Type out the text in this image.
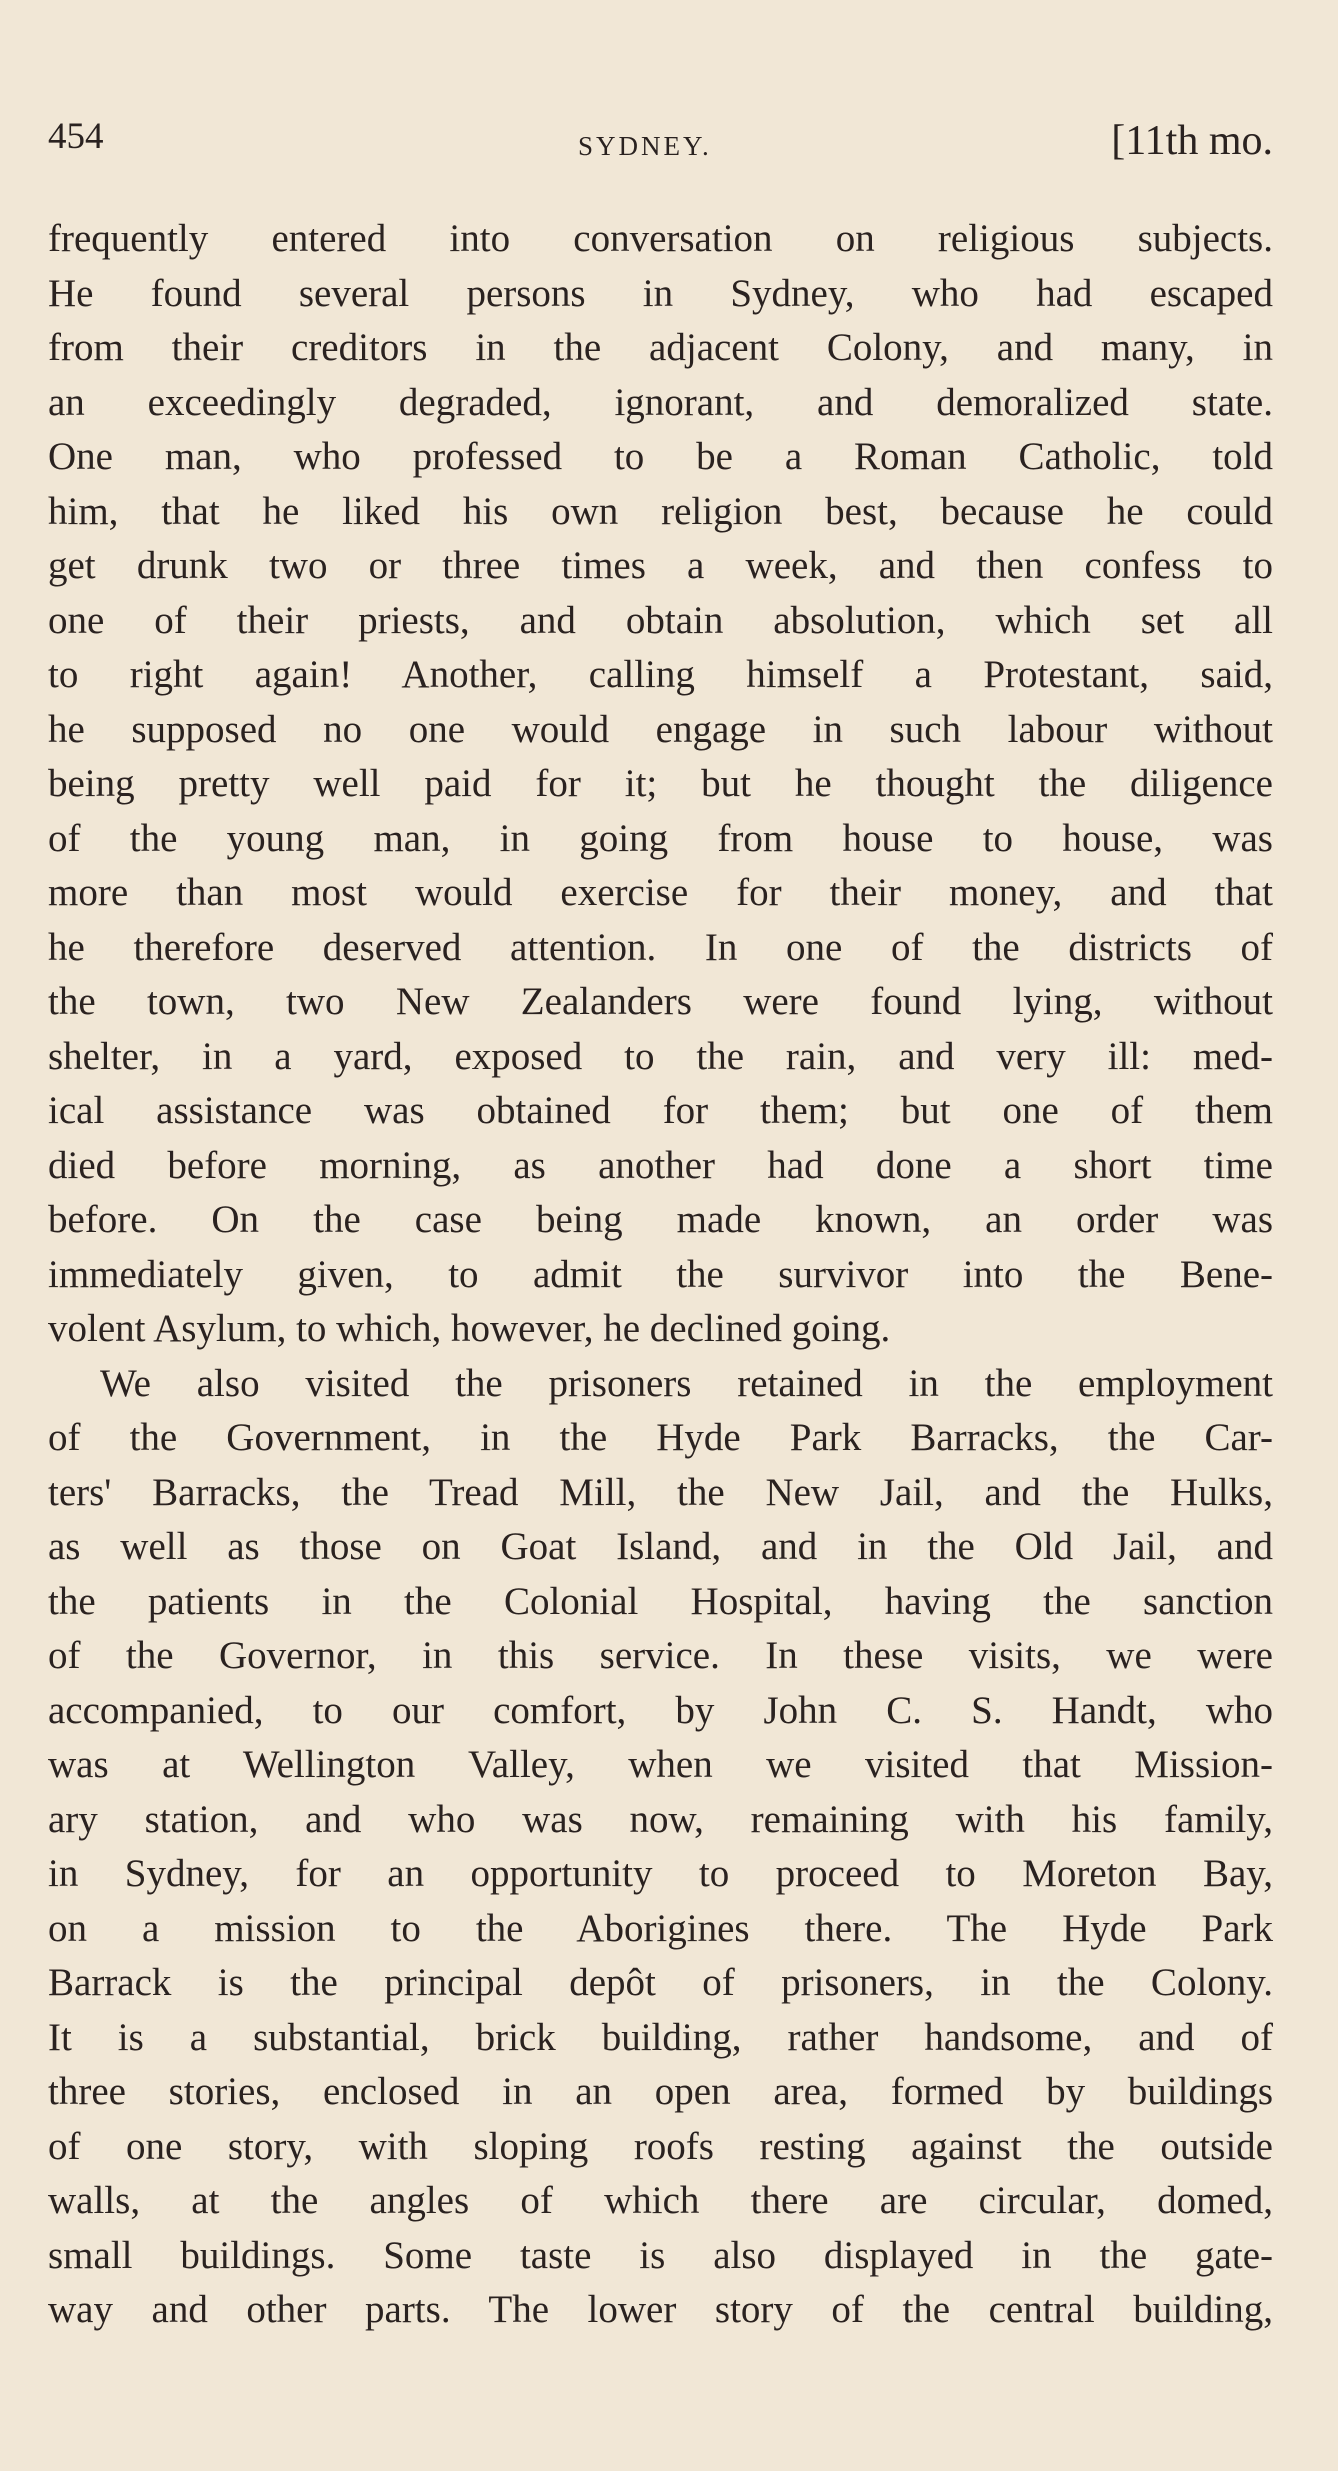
454	SYDNEY.	[11th mo.
frequently entered into conversation on religious subjects.
He found several persons in Sydney, who had escaped
from their creditors in the adjacent Colony, and many, in
an exceedingly degraded, ignorant, and demoralized state.
One man, who professed to be a Roman Catholic, told
him, that he liked his own religion best, because he could
get drunk two or three times a week, and then confess to
one of their priests, and obtain absolution, which set all
to right again! Another, calling himself a Protestant, said,
he supposed no one would engage in such labour without
being pretty well paid for it; but he thought the diligence
of the young man, in going from house to house, was
more than most would exercise for their money, and that
he therefore deserved attention. In one of the districts of
the town, two New Zealanders were found lying, without
shelter, in a yard, exposed to the rain, and very ill: med-
ical assistance was obtained for them; but one of them
died before morning, as another had done a short time
before. On the case being made known, an order was
immediately given, to admit the survivor into the Bene-
volent Asylum, to which, however, he declined going.
We also visited the prisoners retained in the employment
of the Government, in the Hyde Park Barracks, the Car-
ters' Barracks, the Tread Mill, the New Jail, and the Hulks,
as well as those on Goat Island, and in the Old Jail, and
the patients in the Colonial Hospital, having the sanction
of the Governor, in this service. In these visits, we were
accompanied, to our comfort, by John C. S. Handt, who
was at Wellington Valley, when we visited that Mission-
ary station, and who was now, remaining with his family,
in Sydney, for an opportunity to proceed to Moreton Bay,
on a mission to the Aborigines there. The Hyde Park
Barrack is the principal depôt of prisoners, in the Colony.
It is a substantial, brick building, rather handsome, and of
three stories, enclosed in an open area, formed by buildings
of one story, with sloping roofs resting against the outside
walls, at the angles of which there are circular, domed,
small buildings. Some taste is also displayed in the gate-
way and other parts. The lower story of the central building,
